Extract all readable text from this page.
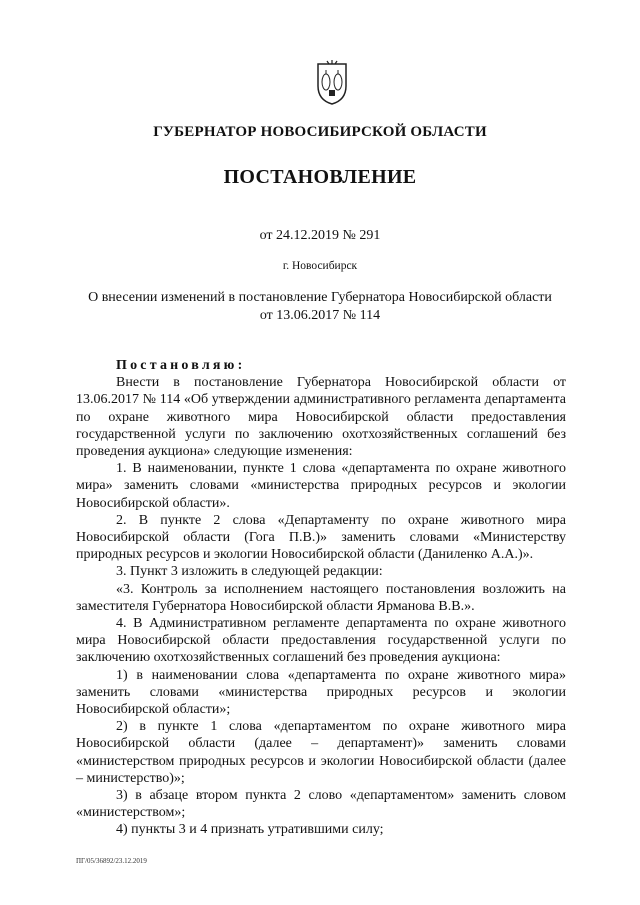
ГУБЕРНАТОР НОВОСИБИРСКОЙ ОБЛАСТИ
ПОСТАНОВЛЕНИЕ
от 24.12.2019 № 291
г. Новосибирск
О внесении изменений в постановление Губернатора Новосибирской области
от 13.06.2017 № 114

Постановляю:

Внести в постановление Губернатора Новосибирской области от 13.06.2017 № 114 «Об утверждении административного регламента департамента по охране животного мира Новосибирской области предоставления государственной услуги по заключению охотхозяйственных соглашений без проведения аукциона» следующие изменения:

1. В наименовании, пункте 1 слова «департамента по охране животного мира» заменить словами «министерства природных ресурсов и экологии Новосибирской области».

2. В пункте 2 слова «Департаменту по охране животного мира Новосибирской области (Гога П.В.)» заменить словами «Министерству природных ресурсов и экологии Новосибирской области (Даниленко А.А.)».

3. Пункт 3 изложить в следующей редакции:

«3. Контроль за исполнением настоящего постановления возложить на заместителя Губернатора Новосибирской области Ярманова В.В.».

4. В Административном регламенте департамента по охране животного мира Новосибирской области предоставления государственной услуги по заключению охотхозяйственных соглашений без проведения аукциона:

1) в наименовании слова «департамента по охране животного мира» заменить словами «министерства природных ресурсов и экологии Новосибирской области»;

2) в пункте 1 слова «департаментом по охране животного мира Новосибирской области (далее – департамент)» заменить словами «министерством природных ресурсов и экологии Новосибирской области (далее – министерство)»;

3) в абзаце втором пункта 2 слово «департаментом» заменить словом «министерством»;

4) пункты 3 и 4 признать утратившими силу;

ПГ/05/36892/23.12.2019
